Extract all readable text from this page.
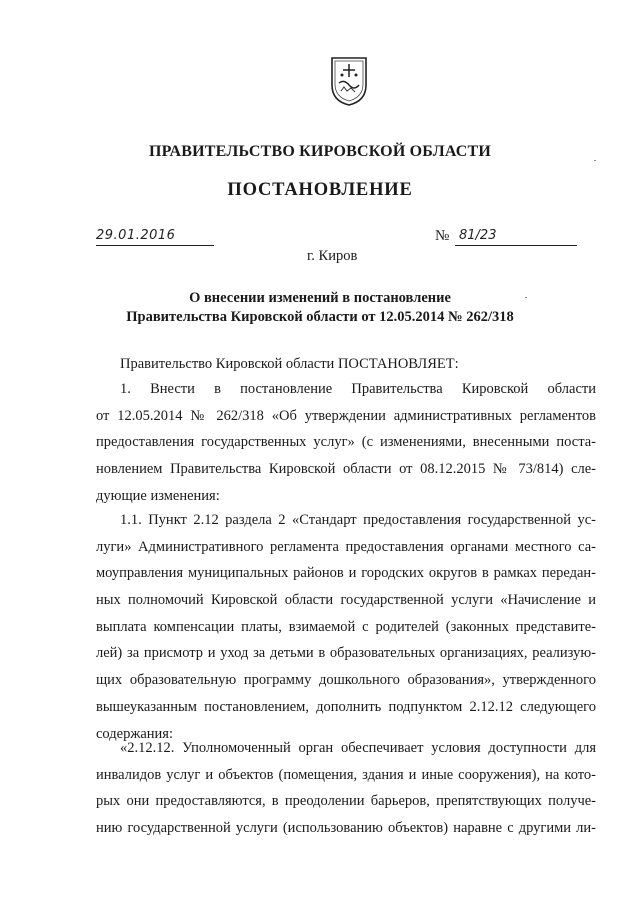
ПРАВИТЕЛЬСТВО КИРОВСКОЙ ОБЛАСТИ
ПОСТАНОВЛЕНИЕ
29.01.2016	№ 81/23
г. Киров
О внесении изменений в постановление
Правительства Кировской области от 12.05.2014 № 262/318
Правительство Кировской области ПОСТАНОВЛЯЕТ:
1. Внести в постановление Правительства Кировской области
от 12.05.2014 № 262/318 «Об утверждении административных регламентов
предоставления государственных услуг» (с изменениями, внесенными поста-
новлением Правительства Кировской области от 08.12.2015 № 73/814) сле-
дующие изменения:
1.1. Пункт 2.12 раздела 2 «Стандарт предоставления государственной ус-
луги» Административного регламента предоставления органами местного са-
моуправления муниципальных районов и городских округов в рамках передан-
ных полномочий Кировской области государственной услуги «Начисление и
выплата компенсации платы, взимаемой с родителей (законных представите-
лей) за присмотр и уход за детьми в образовательных организациях, реализую-
щих образовательную программу дошкольного образования», утвержденного
вышеуказанным постановлением, дополнить подпунктом 2.12.12 следующего
содержания:
«2.12.12. Уполномоченный орган обеспечивает условия доступности для
инвалидов услуг и объектов (помещения, здания и иные сооружения), на кото-
рых они предоставляются, в преодолении барьеров, препятствующих получе-
нию государственной услуги (использованию объектов) наравне с другими ли-
